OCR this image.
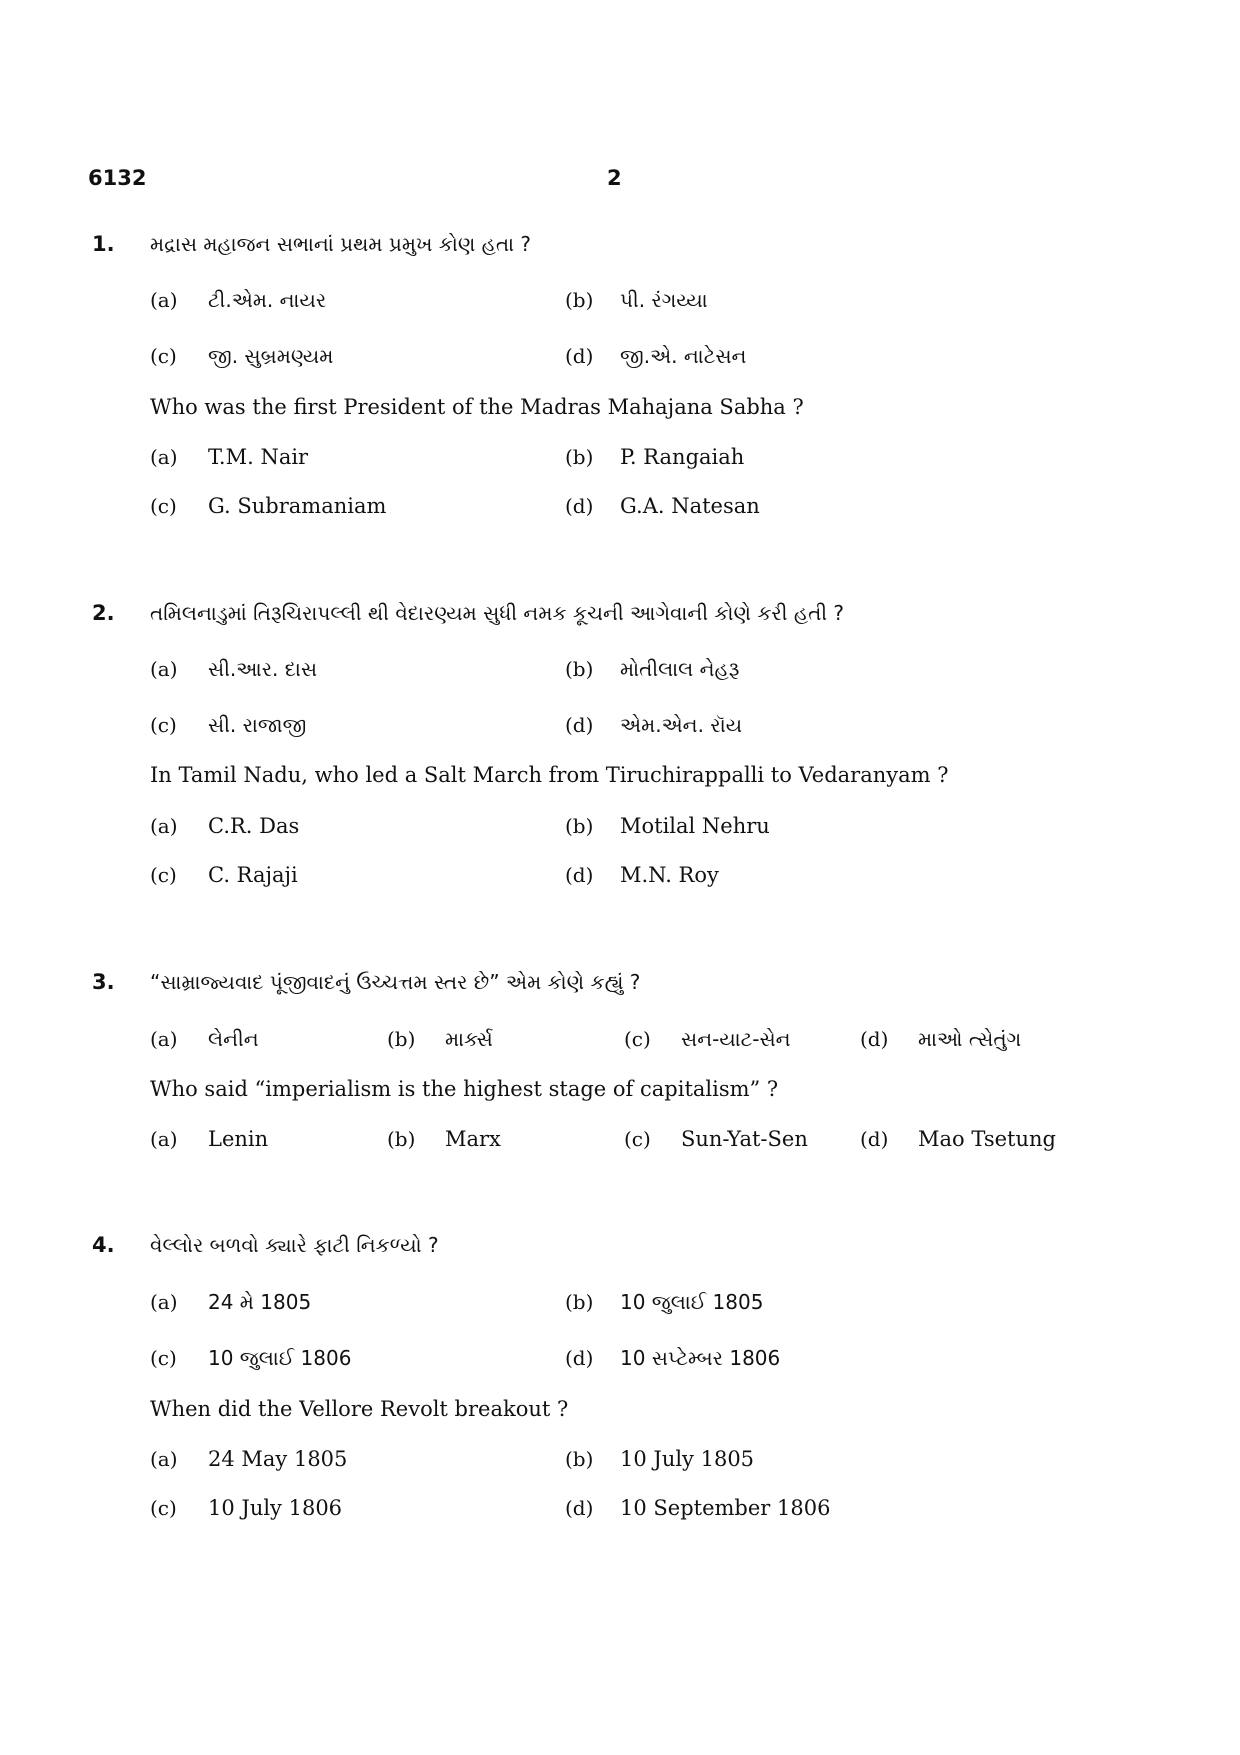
6132	2
1. મદ્રાસ મહાજન સભાનાં પ્રથમ પ્રમુખ કોણ હતા ?
(a) ટી.એમ. નાયર	(b) પી. રંગય્યા
(c) જી. સુબ્રમણ્યમ	(d) જી.એ. નાટેસન
Who was the first President of the Madras Mahajana Sabha ?
(a) T.M. Nair	(b) P. Rangaiah
(c) G. Subramaniam	(d) G.A. Natesan
2. તમિલનાડુમાં તિરૂચિરાપલ્લી થી વેદારણ્યમ સુધી નમક કૂચની આગેવાની કોણે કરી હતી ?
(a) સી.આર. દાસ	(b) મોતીલાલ નેહરૂ
(c) સી. રાજાજી	(d) એમ.એન. રૉય
In Tamil Nadu, who led a Salt March from Tiruchirappalli to Vedaranyam ?
(a) C.R. Das	(b) Motilal Nehru
(c) C. Rajaji	(d) M.N. Roy
3. “સામ્રાજ્યવાદ પૂંજીવાદનું ઉચ્ચત્તમ સ્તર છે” એમ કોણે કહ્યું ?
(a) લેનીન	(b) માર્ક્સ	(c) સન-યાટ-સેન	(d) માઓ ત્સેતુંગ
Who said “imperialism is the highest stage of capitalism” ?
(a) Lenin	(b) Marx	(c) Sun-Yat-Sen	(d) Mao Tsetung
4. વેલ્લોર બળવો ક્યારે ફાટી નિકળ્યો ?
(a) 24 મે 1805	(b) 10 જુલાઈ 1805
(c) 10 જુલાઈ 1806	(d) 10 સપ્ટેમ્બર 1806
When did the Vellore Revolt breakout ?
(a) 24 May 1805	(b) 10 July 1805
(c) 10 July 1806	(d) 10 September 1806
